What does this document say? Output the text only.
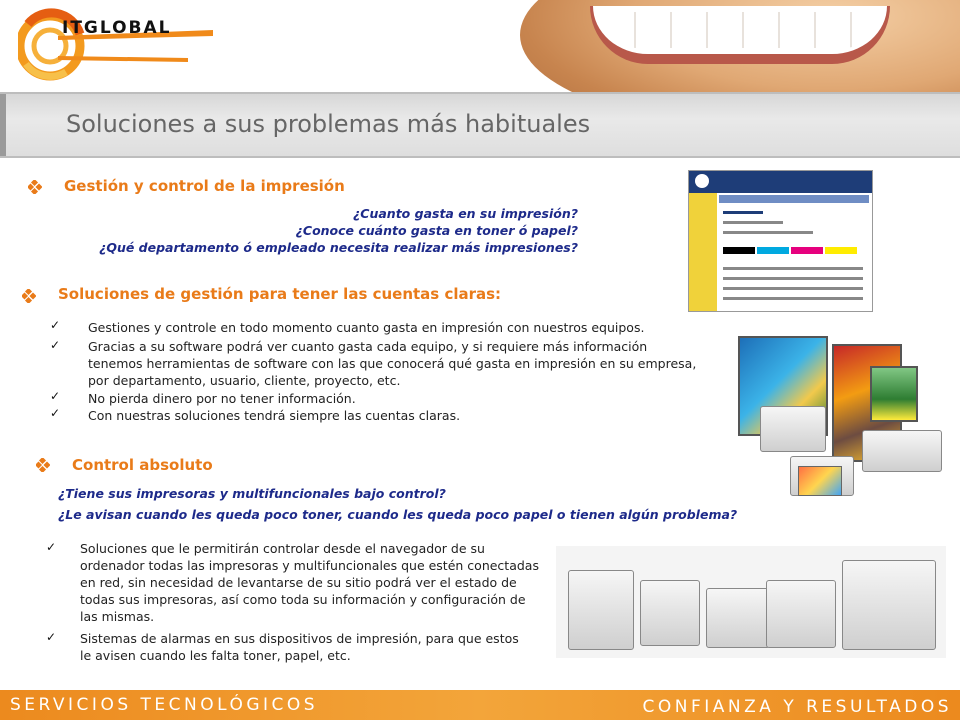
ITGLOBAL
Soluciones a sus problemas más habituales
Gestión y control de la impresión
¿Cuanto gasta en su impresión?
¿Conoce cuánto gasta en toner ó papel?
¿Qué departamento ó empleado necesita realizar más impresiones?
Soluciones de gestión para tener las cuentas claras:
✓ Gestiones y controle en todo momento cuanto gasta en impresión con nuestros equipos.
✓ Gracias a su software podrá ver cuanto gasta cada equipo, y si requiere más información tenemos herramientas de software con las que conocerá qué gasta en impresión en su empresa, por departamento, usuario, cliente, proyecto, etc.
✓ No pierda dinero por no tener información.
✓ Con nuestras soluciones tendrá siempre las cuentas claras.
Control absoluto
¿Tiene sus impresoras y multifuncionales bajo control?
¿Le avisan cuando les queda poco toner, cuando les queda poco papel o tienen algún problema?
✓ Soluciones que le permitirán controlar desde el navegador de su ordenador todas las impresoras y multifuncionales que estén conectadas en red, sin necesidad de levantarse de su sitio podrá ver el estado de todas sus impresoras, así como toda su información y configuración de las mismas.
✓ Sistemas de alarmas en sus dispositivos de impresión, para que estos le avisen cuando les falta toner, papel, etc.
SERVICIOS TECNOLÓGICOS	CONFIANZA Y RESULTADOS
